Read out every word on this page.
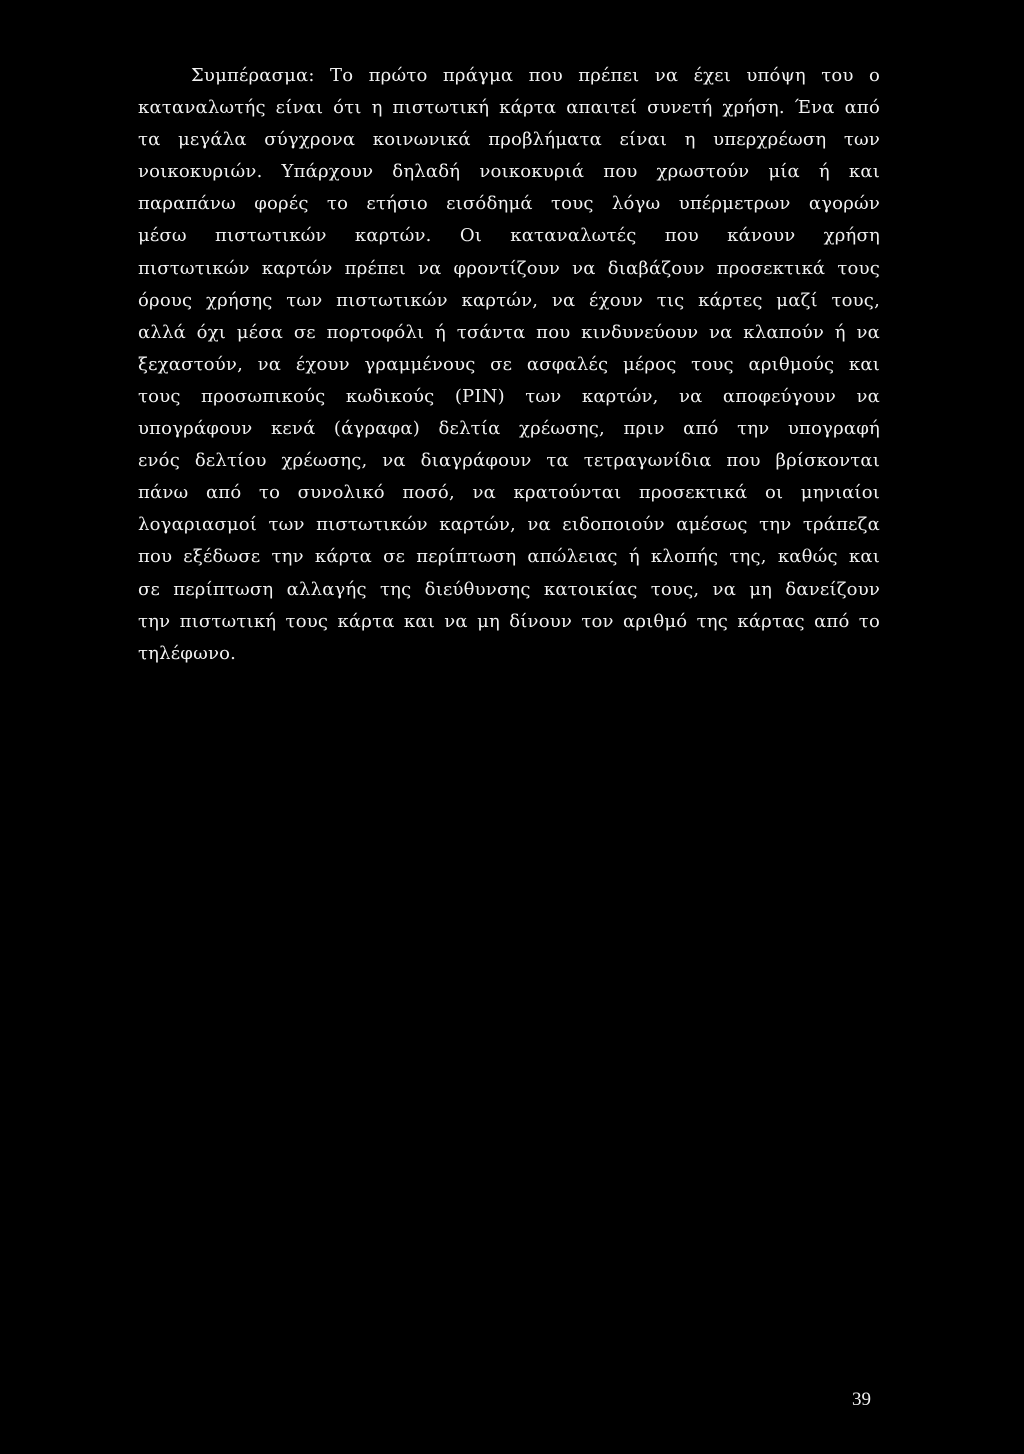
Συμπέρασμα: Το πρώτο πράγμα που πρέπει να έχει υπόψη του ο
καταναλωτής είναι ότι η πιστωτική κάρτα απαιτεί συνετή χρήση. Ένα από
τα μεγάλα σύγχρονα κοινωνικά προβλήματα είναι η υπερχρέωση των
νοικοκυριών. Υπάρχουν δηλαδή νοικοκυριά που χρωστούν μία ή και
παραπάνω φορές το ετήσιο εισόδημά τους λόγω υπέρμετρων αγορών
μέσω πιστωτικών καρτών. Οι καταναλωτές που κάνουν χρήση
πιστωτικών καρτών πρέπει να φροντίζουν να διαβάζουν προσεκτικά τους
όρους χρήσης των πιστωτικών καρτών, να έχουν τις κάρτες μαζί τους,
αλλά όχι μέσα σε πορτοφόλι ή τσάντα που κινδυνεύουν να κλαπούν ή να
ξεχαστούν, να έχουν γραμμένους σε ασφαλές μέρος τους αριθμούς και
τους προσωπικούς κωδικούς (PIN) των καρτών, να αποφεύγουν να
υπογράφουν κενά (άγραφα) δελτία χρέωσης, πριν από την υπογραφή
ενός δελτίου χρέωσης, να διαγράφουν τα τετραγωνίδια που βρίσκονται
πάνω από το συνολικό ποσό, να κρατούνται προσεκτικά οι μηνιαίοι
λογαριασμοί των πιστωτικών καρτών, να ειδοποιούν αμέσως την τράπεζα
που εξέδωσε την κάρτα σε περίπτωση απώλειας ή κλοπής της, καθώς και
σε περίπτωση αλλαγής της διεύθυνσης κατοικίας τους, να μη δανείζουν
την πιστωτική τους κάρτα και να μη δίνουν τον αριθμό της κάρτας από το
τηλέφωνο.
39
